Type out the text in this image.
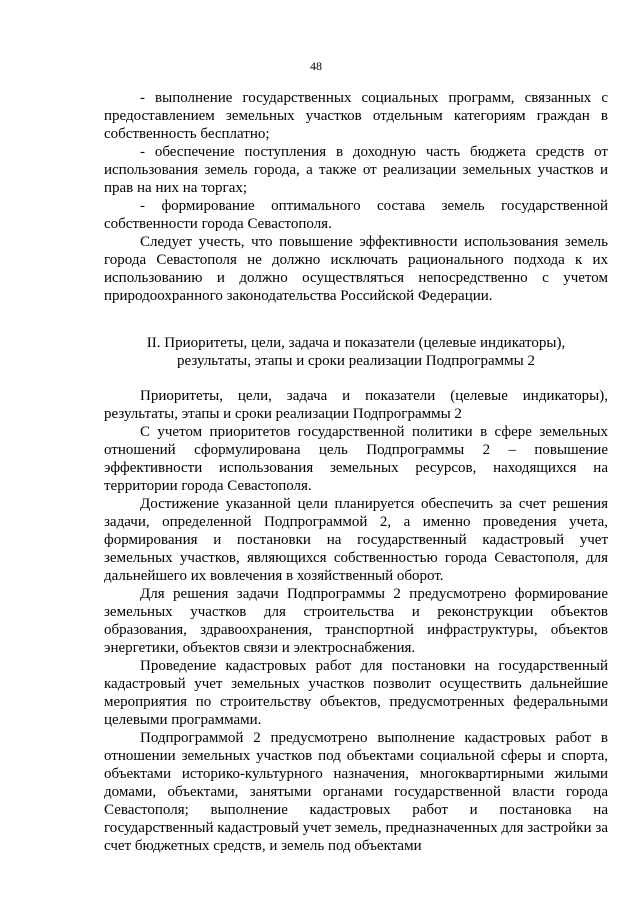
48

- выполнение государственных социальных программ, связанных с предоставлением земельных участков отдельным категориям граждан в собственность бесплатно;

- обеспечение поступления в доходную часть бюджета средств от использования земель города, а также от реализации земельных участков и прав на них на торгах;

- формирование оптимального состава земель государственной собственности города Севастополя.

Следует учесть, что повышение эффективности использования земель города Севастополя не должно исключать рационального подхода к их использованию и должно осуществляться непосредственно с учетом природоохранного законодательства Российской Федерации.

II. Приоритеты, цели, задача и показатели (целевые индикаторы),
результаты, этапы и сроки реализации Подпрограммы 2

Приоритеты, цели, задача и показатели (целевые индикаторы), результаты, этапы и сроки реализации Подпрограммы 2

С учетом приоритетов государственной политики в сфере земельных отношений сформулирована цель Подпрограммы 2 – повышение эффективности использования земельных ресурсов, находящихся на территории города Севастополя.

Достижение указанной цели планируется обеспечить за счет решения задачи, определенной Подпрограммой 2, а именно проведения учета, формирования и постановки на государственный кадастровый учет земельных участков, являющихся собственностью города Севастополя, для дальнейшего их вовлечения в хозяйственный оборот.

Для решения задачи Подпрограммы 2 предусмотрено формирование земельных участков для строительства и реконструкции объектов образования, здравоохранения, транспортной инфраструктуры, объектов энергетики, объектов связи и электроснабжения.

Проведение кадастровых работ для постановки на государственный кадастровый учет земельных участков позволит осуществить дальнейшие мероприятия по строительству объектов, предусмотренных федеральными целевыми программами.

Подпрограммой 2 предусмотрено выполнение кадастровых работ в отношении земельных участков под объектами социальной сферы и спорта, объектами историко-культурного назначения, многоквартирными жилыми домами, объектами, занятыми органами государственной власти города Севастополя; выполнение кадастровых работ и постановка на государственный кадастровый учет земель, предназначенных для застройки за счет бюджетных средств, и земель под объектами
